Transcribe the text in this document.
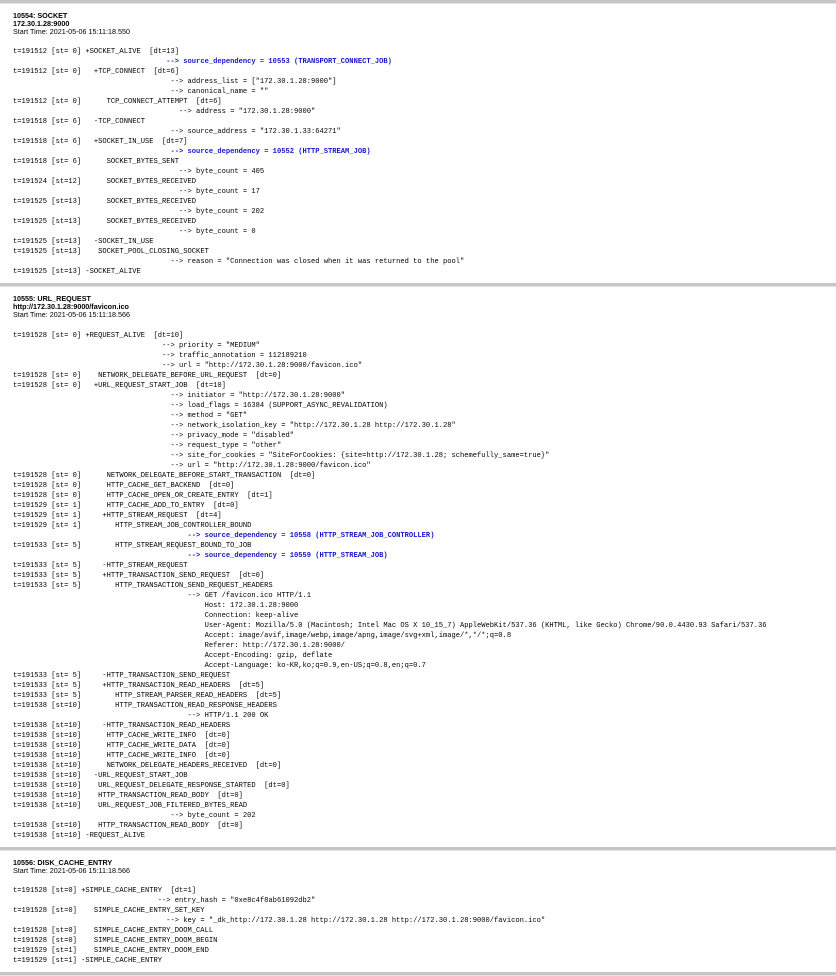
10554: SOCKET
172.30.1.28:9000
Start Time: 2021-05-06 15:11:18.550
t=191512 [st= 0] +SOCKET_ALIVE  [dt=13]

--> source_dependency = 10553 (TRANSPORT_CONNECT_JOB)
t=191512 [st= 0] +TCP_CONNECT  [dt=6]

--> address_list = ["172.30.1.28:9000"]

--> canonical_name = ""
t=191512 [st= 0] TCP_CONNECT_ATTEMPT  [dt=6]

--> address = "172.30.1.28:9000"
t=191518 [st= 6] -TCP_CONNECT

--> source_address = "172.30.1.33:64271"
t=191518 [st= 6] +SOCKET_IN_USE  [dt=7]

--> source_dependency = 10552 (HTTP_STREAM_JOB)
t=191518 [st= 6] SOCKET_BYTES_SENT

--> byte_count = 405
t=191524 [st=12] SOCKET_BYTES_RECEIVED

--> byte_count = 17
t=191525 [st=13] SOCKET_BYTES_RECEIVED

--> byte_count = 202
t=191525 [st=13] SOCKET_BYTES_RECEIVED

--> byte_count = 0
t=191525 [st=13] -SOCKET_IN_USE
t=191525 [st=13] SOCKET_POOL_CLOSING_SOCKET

--> reason = "Connection was closed when it was returned to the pool"
t=191525 [st=13] -SOCKET_ALIVE
10555: URL_REQUEST
http://172.30.1.28:9000/favicon.ico
Start Time: 2021-05-06 15:11:18.566
t=191528 [st= 0] +REQUEST_ALIVE  [dt=10]

--> priority = "MEDIUM"

--> traffic_annotation = 112189210

--> url = "http://172.30.1.28:9000/favicon.ico"
t=191528 [st= 0] NETWORK_DELEGATE_BEFORE_URL_REQUEST  [dt=0]
t=191528 [st= 0] +URL_REQUEST_START_JOB  [dt=10]

--> initiator = "http://172.30.1.28:9000"

--> load_flags = 16384 (SUPPORT_ASYNC_REVALIDATION)

--> method = "GET"

--> network_isolation_key = "http://172.30.1.28 http://172.30.1.28"

--> privacy_mode = "disabled"

--> request_type = "other"

--> site_for_cookies = "SiteForCookies: {site=http://172.30.1.28; schemefully_same=true}"

--> url = "http://172.30.1.28:9000/favicon.ico"
t=191528 [st= 0] NETWORK_DELEGATE_BEFORE_START_TRANSACTION  [dt=0]
t=191528 [st= 0] HTTP_CACHE_GET_BACKEND  [dt=0]
t=191528 [st= 0] HTTP_CACHE_OPEN_OR_CREATE_ENTRY  [dt=1]
t=191529 [st= 1] HTTP_CACHE_ADD_TO_ENTRY  [dt=0]
t=191529 [st= 1] +HTTP_STREAM_REQUEST  [dt=4]
t=191529 [st= 1] HTTP_STREAM_JOB_CONTROLLER_BOUND

--> source_dependency = 10558 (HTTP_STREAM_JOB_CONTROLLER)
t=191533 [st= 5] HTTP_STREAM_REQUEST_BOUND_TO_JOB

--> source_dependency = 10559 (HTTP_STREAM_JOB)
t=191533 [st= 5] -HTTP_STREAM_REQUEST
t=191533 [st= 5] +HTTP_TRANSACTION_SEND_REQUEST  [dt=0]
t=191533 [st= 5] HTTP_TRANSACTION_SEND_REQUEST_HEADERS

--> GET /favicon.ico HTTP/1.1

Host: 172.30.1.28:9000

Connection: keep-alive

User-Agent: Mozilla/5.0 (Macintosh; Intel Mac OS X 10_15_7) AppleWebKit/537.36 (KHTML, like Gecko) Chrome/90.0.4430.93 Safari/537.36

Accept: image/avif,image/webp,image/apng,image/svg+xml,image/*,*/*;q=0.8

Referer: http://172.30.1.28:9000/

Accept-Encoding: gzip, deflate

Accept-Language: ko-KR,ko;q=0.9,en-US;q=0.8,en;q=0.7
t=191533 [st= 5] -HTTP_TRANSACTION_SEND_REQUEST
t=191533 [st= 5] +HTTP_TRANSACTION_READ_HEADERS  [dt=5]
t=191533 [st= 5] HTTP_STREAM_PARSER_READ_HEADERS  [dt=5]
t=191538 [st=10] HTTP_TRANSACTION_READ_RESPONSE_HEADERS

--> HTTP/1.1 200 OK
t=191538 [st=10] -HTTP_TRANSACTION_READ_HEADERS
t=191538 [st=10] HTTP_CACHE_WRITE_INFO  [dt=0]
t=191538 [st=10] HTTP_CACHE_WRITE_DATA  [dt=0]
t=191538 [st=10] HTTP_CACHE_WRITE_INFO  [dt=0]
t=191538 [st=10] NETWORK_DELEGATE_HEADERS_RECEIVED  [dt=0]
t=191538 [st=10] -URL_REQUEST_START_JOB
t=191538 [st=10] URL_REQUEST_DELEGATE_RESPONSE_STARTED  [dt=0]
t=191538 [st=10] HTTP_TRANSACTION_READ_BODY  [dt=0]
t=191538 [st=10] URL_REQUEST_JOB_FILTERED_BYTES_READ

--> byte_count = 202
t=191538 [st=10] HTTP_TRANSACTION_READ_BODY  [dt=0]
t=191538 [st=10] -REQUEST_ALIVE
10556: DISK_CACHE_ENTRY
Start Time: 2021-05-06 15:11:18.566
t=191528 [st=0] +SIMPLE_CACHE_ENTRY  [dt=1]

--> entry_hash = "0xe8c4f8ab61092db2"
t=191528 [st=0] SIMPLE_CACHE_ENTRY_SET_KEY

--> key = "_dk_http://172.30.1.28 http://172.30.1.28 http://172.30.1.28:9000/favicon.ico"
t=191528 [st=0] SIMPLE_CACHE_ENTRY_DOOM_CALL
t=191528 [st=0] SIMPLE_CACHE_ENTRY_DOOM_BEGIN
t=191529 [st=1] SIMPLE_CACHE_ENTRY_DOOM_END
t=191529 [st=1] -SIMPLE_CACHE_ENTRY
